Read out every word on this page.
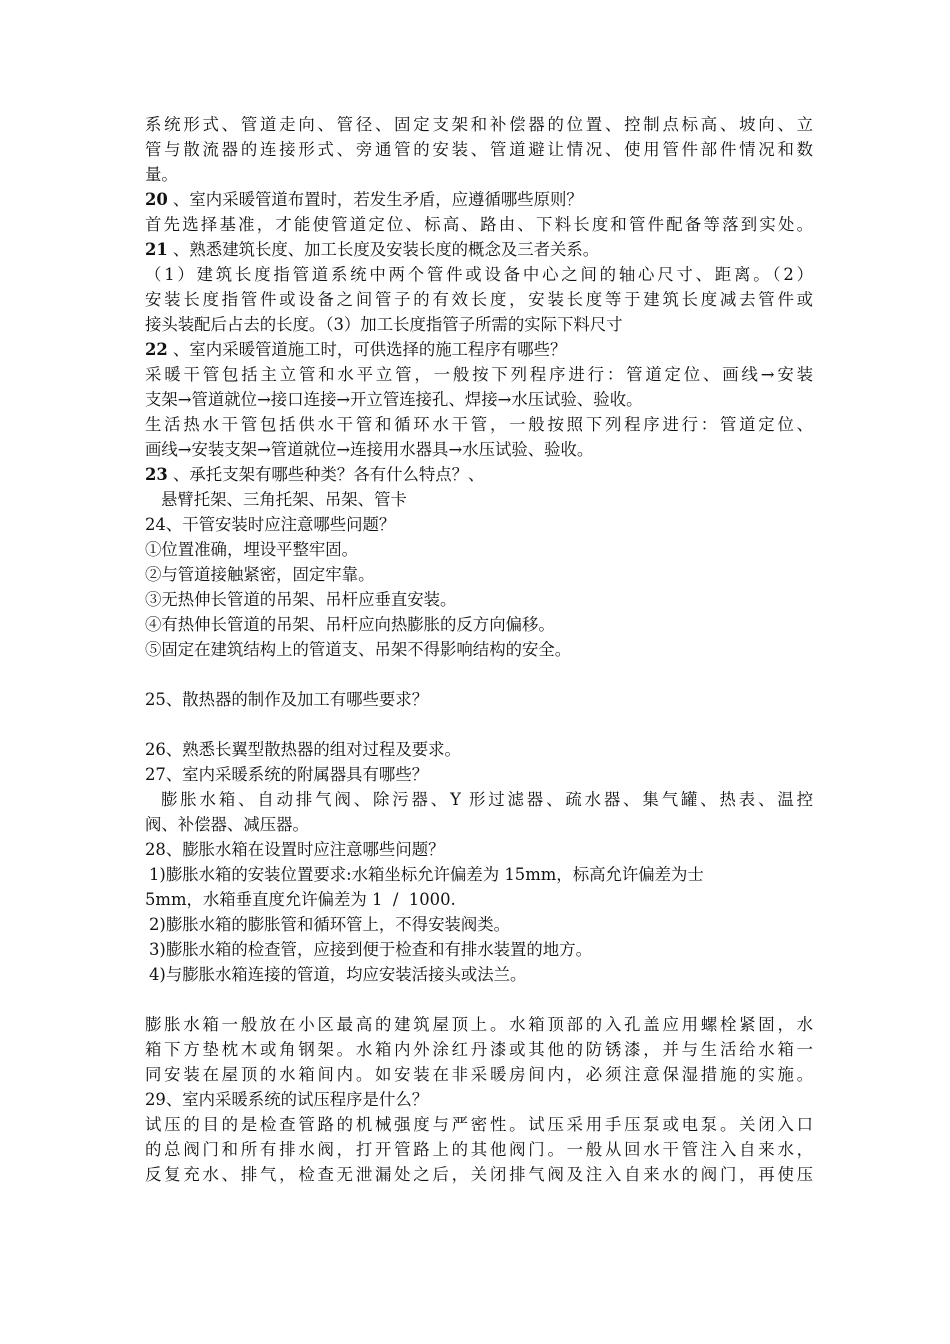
系统形式、管道走向、管径、固定支架和补偿器的位置、控制点标高、坡向、立
管与散流器的连接形式、旁通管的安装、管道避让情况、使用管件部件情况和数
量。
20 、室内采暖管道布置时，若发生矛盾，应遵循哪些原则？
首先选择基准，才能使管道定位、标高、路由、下料长度和管件配备等落到实处。
21 、熟悉建筑长度、加工长度及安装长度的概念及三者关系。
（1）建筑长度指管道系统中两个管件或设备中心之间的轴心尺寸、距离。（2）
安装长度指管件或设备之间管子的有效长度，安装长度等于建筑长度减去管件或
接头装配后占去的长度。（3）加工长度指管子所需的实际下料尺寸
22 、室内采暖管道施工时，可供选择的施工程序有哪些？
采暖干管包括主立管和水平立管，一般按下列程序进行：管道定位、画线→安装
支架→管道就位→接口连接→开立管连接孔、焊接→水压试验、验收。
生活热水干管包括供水干管和循环水干管，一般按照下列程序进行：管道定位、
画线→安装支架→管道就位→连接用水器具→水压试验、验收。
23 、承托支架有哪些种类？各有什么特点？、
悬臂托架、三角托架、吊架、管卡
24、干管安装时应注意哪些问题？
①位置准确，埋设平整牢固。
②与管道接触紧密，固定牢靠。
③无热伸长管道的吊架、吊杆应垂直安装。
④有热伸长管道的吊架、吊杆应向热膨胀的反方向偏移。
⑤固定在建筑结构上的管道支、吊架不得影响结构的安全。
25、散热器的制作及加工有哪些要求？
26、熟悉长翼型散热器的组对过程及要求。
27、室内采暖系统的附属器具有哪些？
膨胀水箱、自动排气阀、除污器、Y 形过滤器、疏水器、集气罐、热表、温控
阀、补偿器、减压器。
28、膨胀水箱在设置时应注意哪些问题？
1)膨胀水箱的安装位置要求:水箱坐标允许偏差为 15mm，标高允许偏差为士
5mm，水箱垂直度允许偏差为 1  /  1000.
2)膨胀水箱的膨胀管和循环管上，不得安装阀类。
3)膨胀水箱的检查管，应接到便于检查和有排水装置的地方。
4)与膨胀水箱连接的管道，均应安装活接头或法兰。
膨胀水箱一般放在小区最高的建筑屋顶上。水箱顶部的入孔盖应用螺栓紧固，水
箱下方垫枕木或角钢架。水箱内外涂红丹漆或其他的防锈漆，并与生活给水箱一
同安装在屋顶的水箱间内。如安装在非采暖房间内，必须注意保湿措施的实施。
29、室内采暖系统的试压程序是什么？
试压的目的是检查管路的机械强度与严密性。试压采用手压泵或电泵。关闭入口
的总阀门和所有排水阀，打开管路上的其他阀门。一般从回水干管注入自来水，
反复充水、排气，检查无泄漏处之后，关闭排气阀及注入自来水的阀门，再使压
